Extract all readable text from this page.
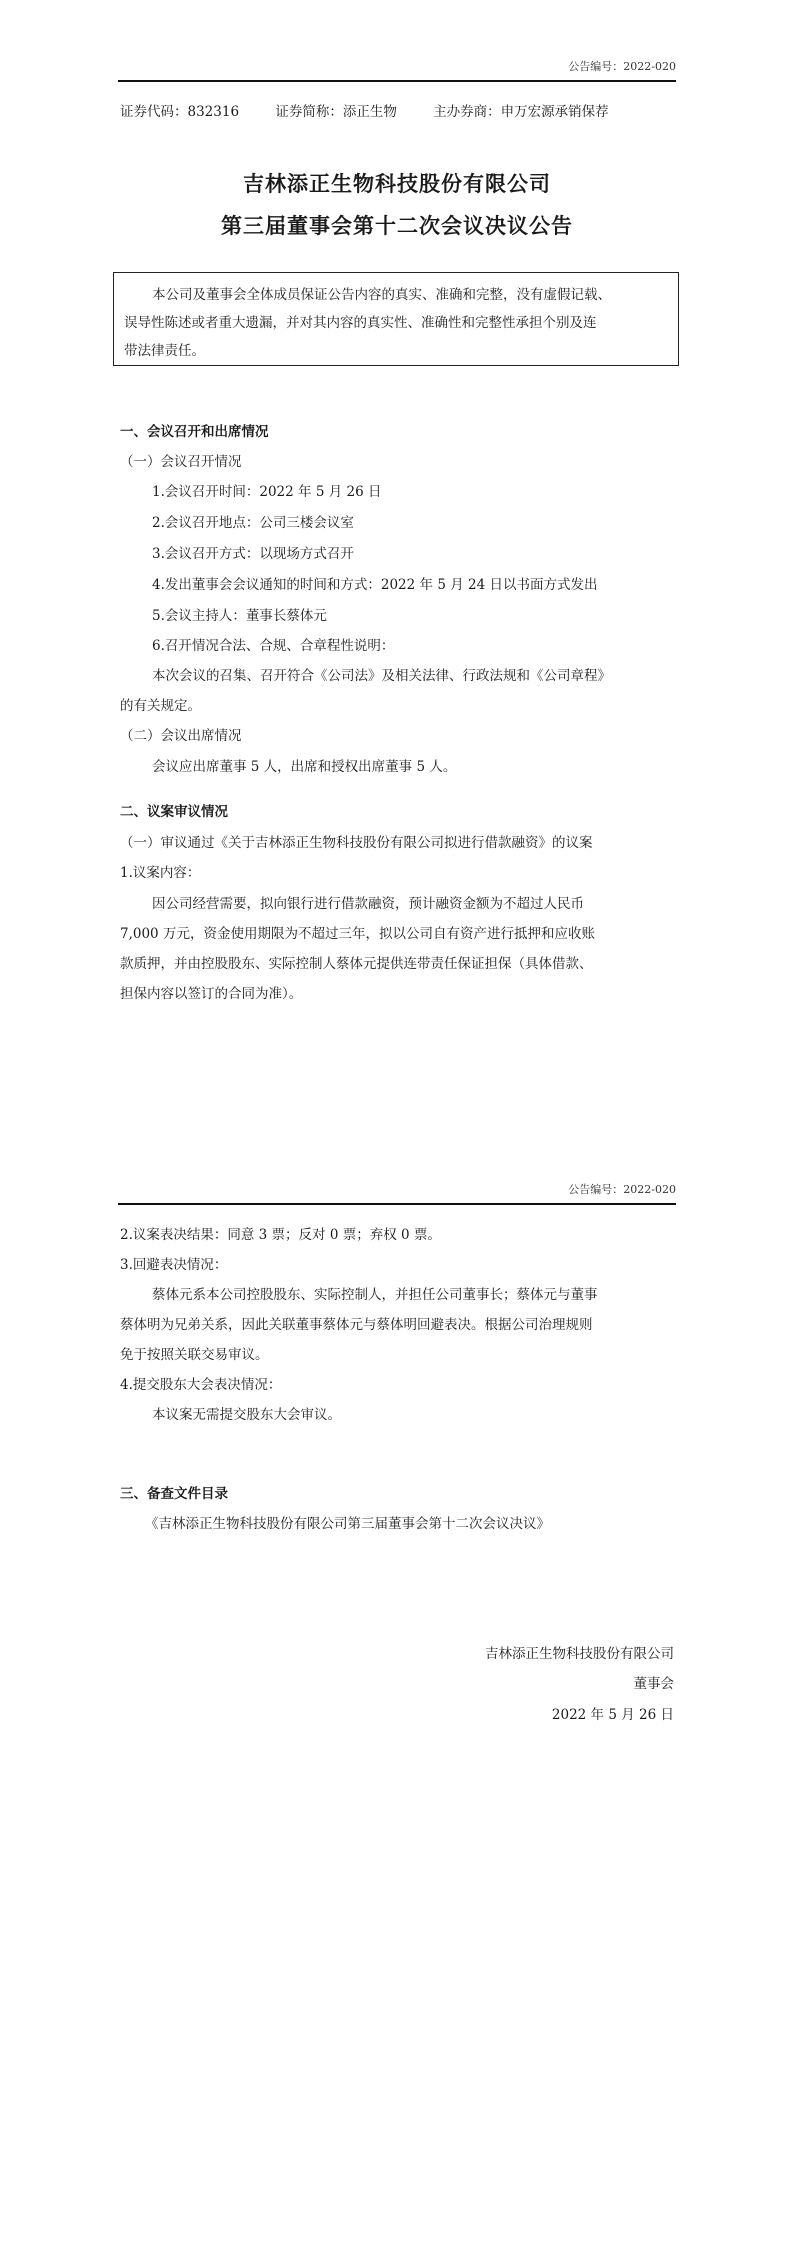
公告编号：2022-020
证券代码：832316	证券简称：添正生物	主办券商：申万宏源承销保荐
吉林添正生物科技股份有限公司
第三届董事会第十二次会议决议公告
本公司及董事会全体成员保证公告内容的真实、准确和完整，没有虚假记载、
误导性陈述或者重大遗漏，并对其内容的真实性、准确性和完整性承担个别及连
带法律责任。
一、会议召开和出席情况
（一）会议召开情况
1.会议召开时间：2022 年 5 月 26 日
2.会议召开地点：公司三楼会议室
3.会议召开方式：以现场方式召开
4.发出董事会会议通知的时间和方式：2022 年 5 月 24 日以书面方式发出
5.会议主持人：董事长蔡体元
6.召开情况合法、合规、合章程性说明：
本次会议的召集、召开符合《公司法》及相关法律、行政法规和《公司章程》
的有关规定。
（二）会议出席情况
会议应出席董事 5 人，出席和授权出席董事 5 人。
二、议案审议情况
（一）审议通过《关于吉林添正生物科技股份有限公司拟进行借款融资》的议案
1.议案内容：
因公司经营需要，拟向银行进行借款融资，预计融资金额为不超过人民币
7,000 万元，资金使用期限为不超过三年，拟以公司自有资产进行抵押和应收账
款质押，并由控股股东、实际控制人蔡体元提供连带责任保证担保（具体借款、
担保内容以签订的合同为准）。
公告编号：2022-020
2.议案表决结果：同意 3 票；反对 0 票；弃权 0 票。
3.回避表决情况：
蔡体元系本公司控股股东、实际控制人，并担任公司董事长；蔡体元与董事
蔡体明为兄弟关系，因此关联董事蔡体元与蔡体明回避表决。根据公司治理规则
免于按照关联交易审议。
4.提交股东大会表决情况：
本议案无需提交股东大会审议。
三、备查文件目录
《吉林添正生物科技股份有限公司第三届董事会第十二次会议决议》
吉林添正生物科技股份有限公司
董事会
2022 年 5 月 26 日
